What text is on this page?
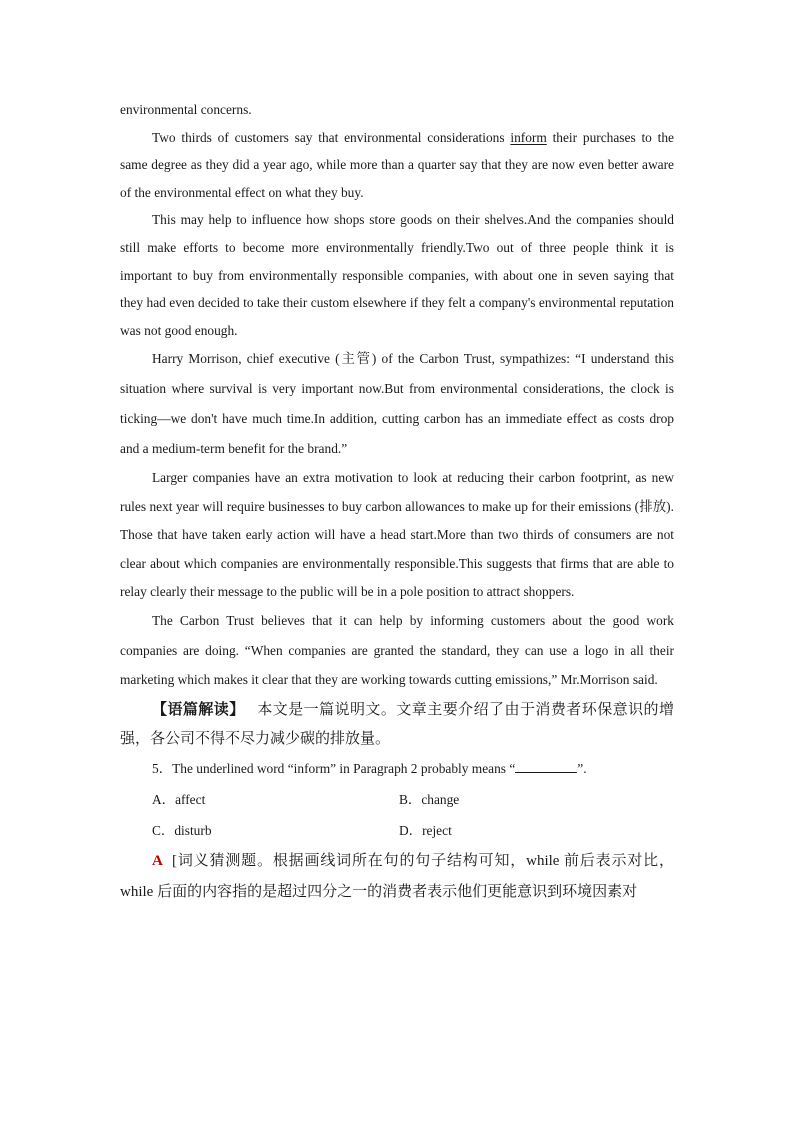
environmental concerns.

Two thirds of customers say that environmental considerations inform their purchases to the same degree as they did a year ago, while more than a quarter say that they are now even better aware of the environmental effect on what they buy.

This may help to influence how shops store goods on their shelves.And the companies should still make efforts to become more environmentally friendly.Two out of three people think it is important to buy from environmentally responsible companies, with about one in seven saying that they had even decided to take their custom elsewhere if they felt a company's environmental reputation was not good enough.

Harry Morrison, chief executive (主管) of the Carbon Trust, sympathizes: “I understand this situation where survival is very important now.But from environmental considerations, the clock is ticking—we don't have much time.In addition, cutting carbon has an immediate effect as costs drop and a medium-term benefit for the brand.”

Larger companies have an extra motivation to look at reducing their carbon footprint, as new rules next year will require businesses to buy carbon allowances to make up for their emissions (排放). Those that have taken early action will have a head start.More than two thirds of consumers are not clear about which companies are environmentally responsible.This suggests that firms that are able to relay clearly their message to the public will be in a pole position to attract shoppers.

The Carbon Trust believes that it can help by informing customers about the good work companies are doing. “When companies are granted the standard, they can use a logo in all their marketing which makes it clear that they are working towards cutting emissions,” Mr.Morrison said.

【语篇解读】 本文是一篇说明文。文章主要介绍了由于消费者环保意识的增强，各公司不得不尽力减少碳的排放量。

5．The underlined word “inform” in Paragraph 2 probably means “	”.

A．affect	B．change
C．disturb	D．reject

A [词义猜测题。根据画线词所在句的句子结构可知，while 前后表示对比，while 后面的内容指的是超过四分之一的消费者表示他们更能意识到环境因素对
